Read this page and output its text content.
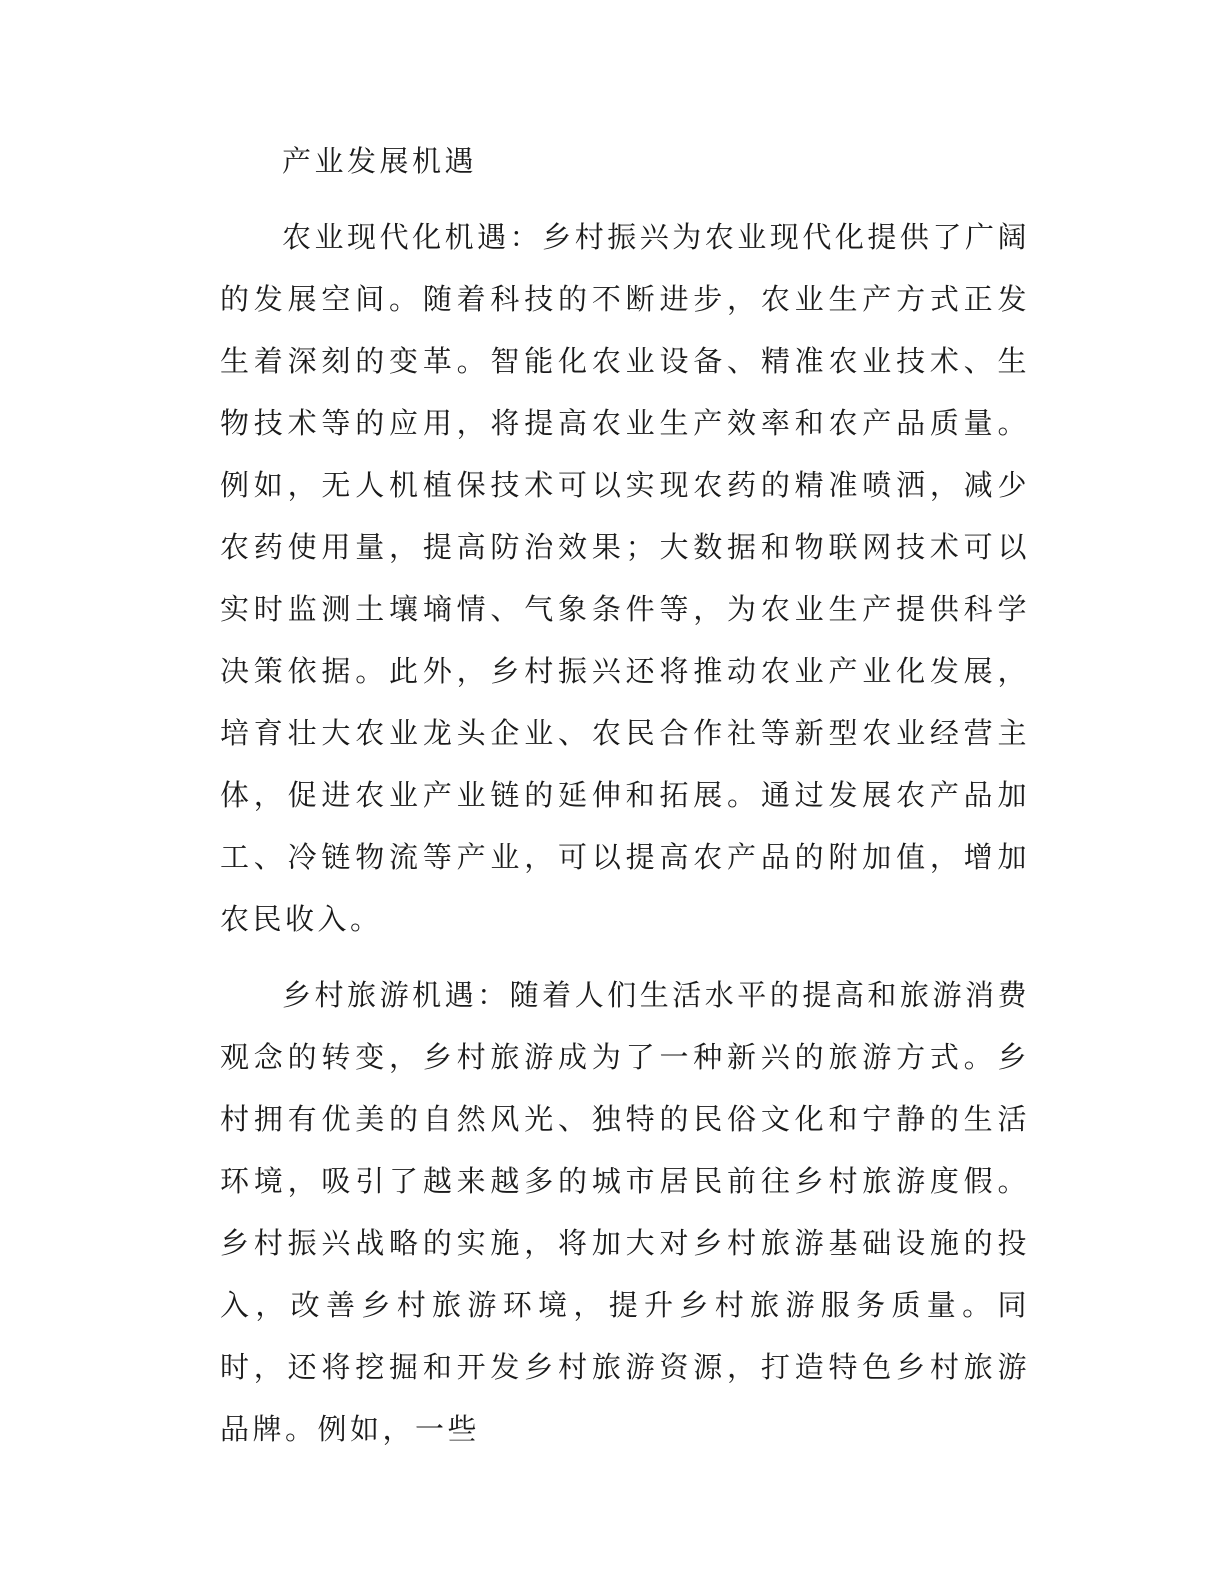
产业发展机遇

农业现代化机遇：乡村振兴为农业现代化提供了广阔的发展空间。随着科技的不断进步，农业生产方式正发生着深刻的变革。智能化农业设备、精准农业技术、生物技术等的应用，将提高农业生产效率和农产品质量。例如，无人机植保技术可以实现农药的精准喷洒，减少农药使用量，提高防治效果；大数据和物联网技术可以实时监测土壤墒情、气象条件等，为农业生产提供科学决策依据。此外，乡村振兴还将推动农业产业化发展，培育壮大农业龙头企业、农民合作社等新型农业经营主体，促进农业产业链的延伸和拓展。通过发展农产品加工、冷链物流等产业，可以提高农产品的附加值，增加农民收入。

乡村旅游机遇：随着人们生活水平的提高和旅游消费观念的转变，乡村旅游成为了一种新兴的旅游方式。乡村拥有优美的自然风光、独特的民俗文化和宁静的生活环境，吸引了越来越多的城市居民前往乡村旅游度假。乡村振兴战略的实施，将加大对乡村旅游基础设施的投入，改善乡村旅游环境，提升乡村旅游服务质量。同时，还将挖掘和开发乡村旅游资源，打造特色乡村旅游品牌。例如，一些
